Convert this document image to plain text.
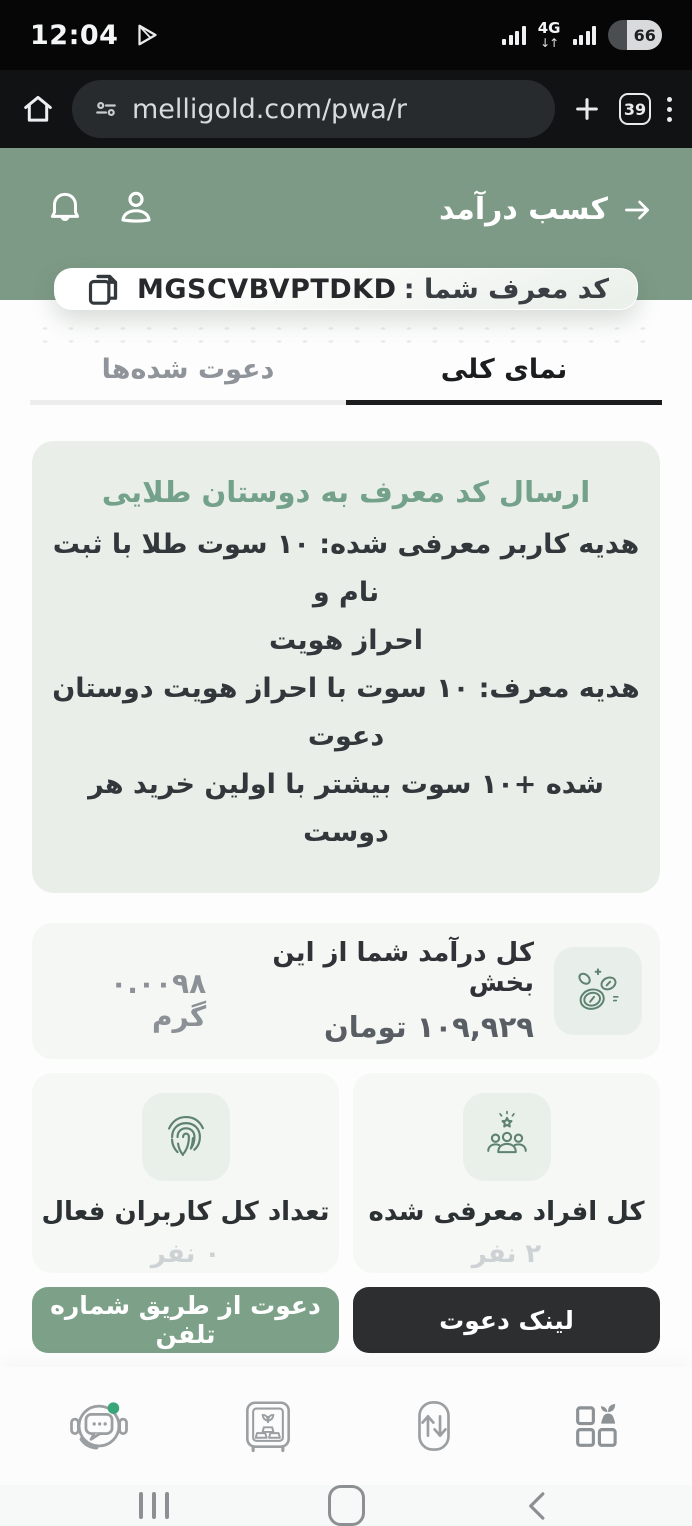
12:04	4G
↓↑	66
melligold.com/pwa/r	39
کسب درآمد
کد معرف شما :
MGSCVBVPTDKD
نمای کلی
دعوت شده‌ها
ارسال کد معرف به دوستان طلایی
هدیه کاربر معرفی شده: ۱۰ سوت طلا با ثبت نام و
احراز هویت
هدیه معرف: ۱۰ سوت با احراز هویت دوستان دعوت
شده +۱۰ سوت بیشتر با اولین خرید هر دوست
کل درآمد شما از این بخش
۱۰۹,۹۲۹ تومان
۰.۰۰۹۸ گرم
کل افراد معرفی شده
۲ نفر
تعداد کل کاربران فعال
۰ نفر
لینک دعوت
دعوت از طریق شماره تلفن
